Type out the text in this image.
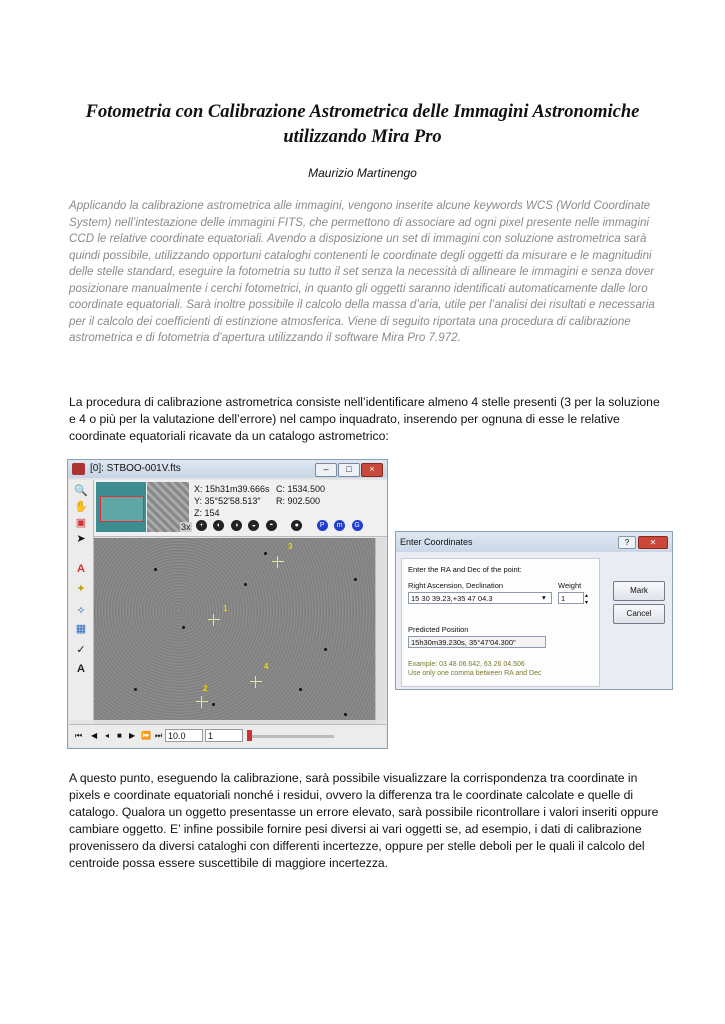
Fotometria con Calibrazione Astrometrica delle Immagini Astronomiche utilizzando Mira Pro
Maurizio Martinengo
Applicando la calibrazione astrometrica alle immagini, vengono inserite alcune keywords WCS (World Coordinate System) nell’intestazione delle immagini FITS, che permettono di associare ad ogni pixel presente nelle immagini CCD le relative coordinate equatoriali. Avendo a disposizione un set di immagini con soluzione astrometrica sarà quindi possibile, utilizzando opportuni cataloghi contenenti le coordinate degli oggetti da misurare e le magnitudini delle stelle standard, eseguire la fotometria su tutto il set senza la necessità di allineare le immagini e senza dover posizionare manualmente i cerchi fotometrici, in quanto gli oggetti saranno identificati automaticamente dalle loro coordinate equatoriali. Sarà inoltre possibile il calcolo della massa d’aria, utile per l’analisi dei risultati e necessaria per il calcolo dei coefficienti di estinzione atmosferica. Viene di seguito riportata una procedura di calibrazione astrometrica e di fotometria d’apertura utilizzando il software Mira Pro 7.972.
La procedura di calibrazione astrometrica consiste nell’identificare almeno 4 stelle presenti (3 per la soluzione e 4 o più per la valutazione dell’errore) nel campo inquadrato, inserendo per ognuna di esse le relative coordinate equatoriali ricavate da un catalogo astrometrico:
[0]: STBOO-001V.fts	–	□	×
🔍
✋
▣
➤
A
✦
✧
▦
✓
A
3x
X: 15h31m39.666s
Y: 35°52'58.513"
Z: 154
C: 1534.500
R: 902.500
+ ◐ ◑ ◒ ◓	●	P m G
1
2
3
4
⏮ ◀ ◂ ■ ▶ ⏩ ⏭ 10.0	1
Enter Coordinates	?	✕
Enter the RA and Dec of the point:
Right Ascension, Declination	Weight
15 30 39.23,+35 47 04.3	▾	1	▴
▾
Predicted Position
15h30m39.230s, 35°47'04.300"
Example: 03 48 06.642, 63 26 04.506
Use only one comma between RA and Dec
Mark
Cancel
A questo punto, eseguendo la calibrazione, sarà possibile visualizzare la corrispondenza tra coordinate in pixels e coordinate equatoriali nonché i residui, ovvero la differenza tra le coordinate calcolate e quelle di catalogo. Qualora un oggetto presentasse un errore elevato, sarà possibile ricontrollare i valori inseriti oppure cambiare oggetto. E’ infine possibile fornire pesi diversi ai vari oggetti se, ad esempio, i dati di calibrazione provenissero da diversi cataloghi con differenti incertezze, oppure per stelle deboli per le quali il calcolo del centroide possa essere suscettibile di maggiore incertezza.
